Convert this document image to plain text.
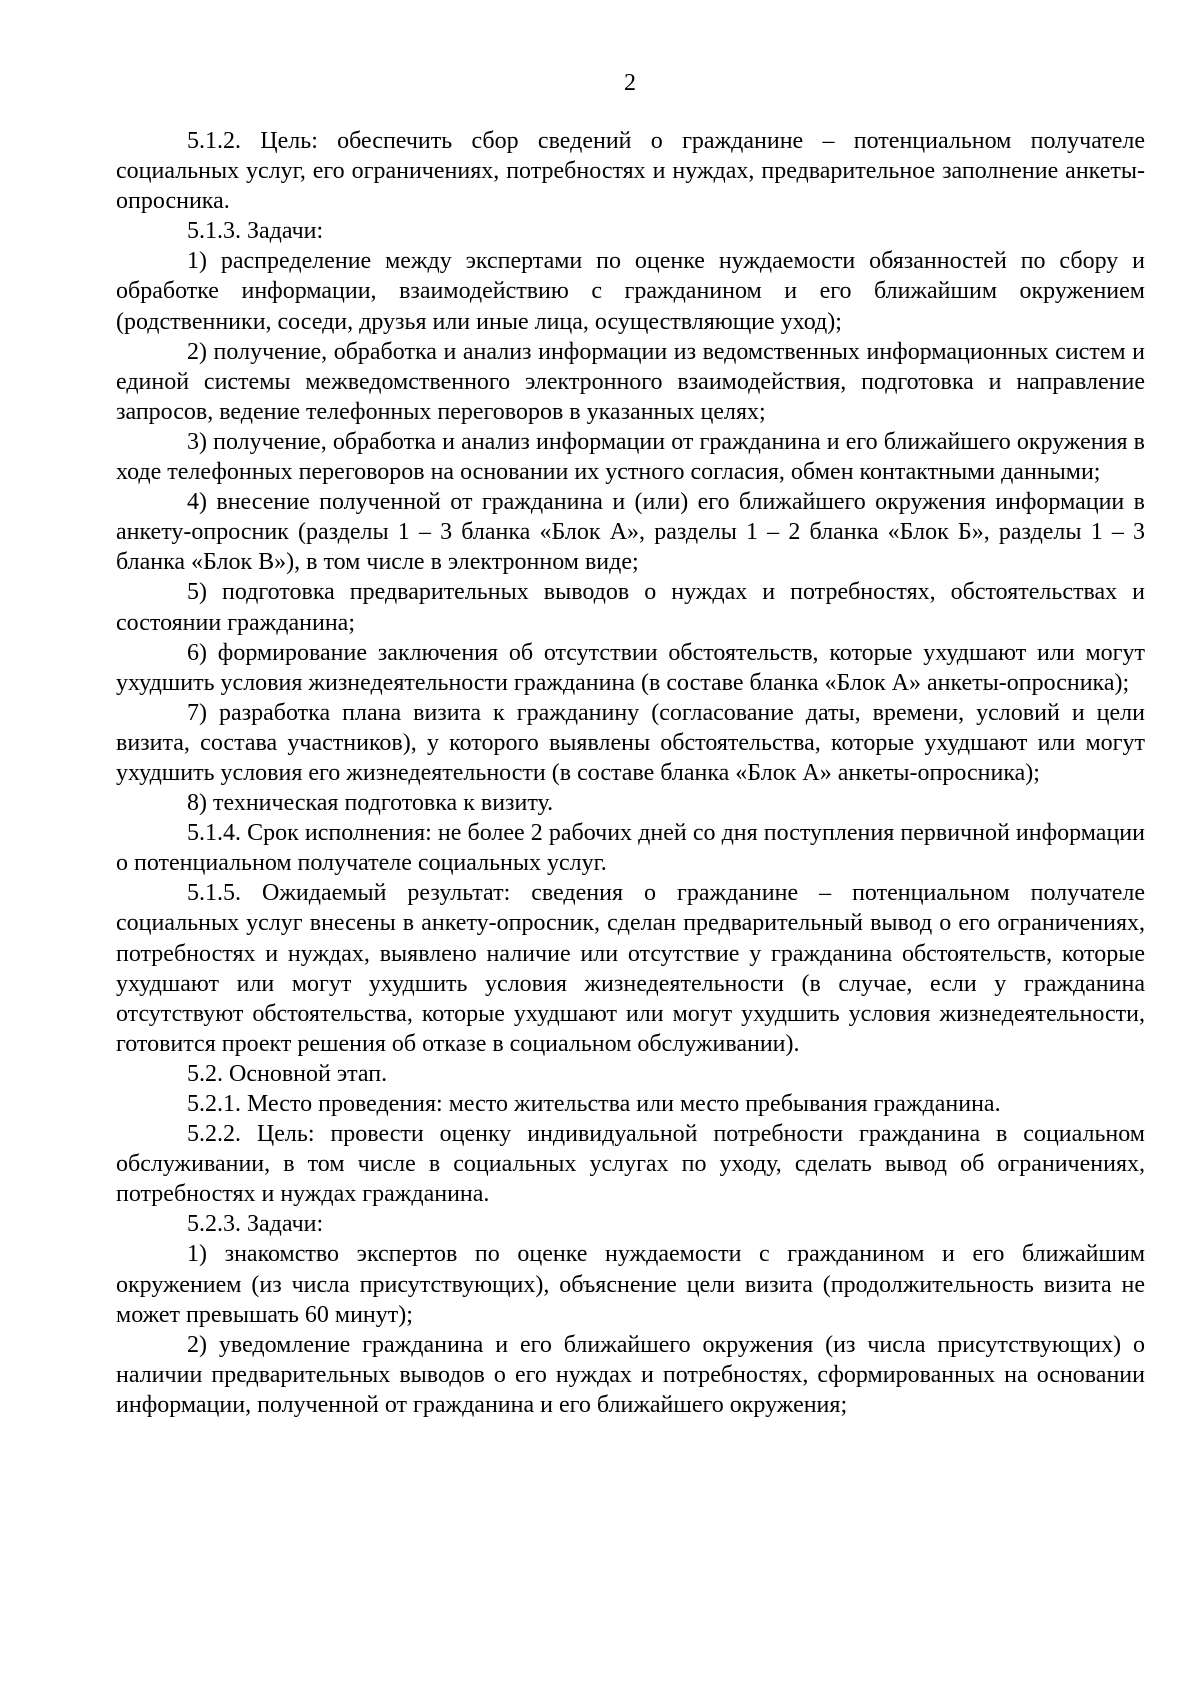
2

5.1.2. Цель: обеспечить сбор сведений о гражданине – потенциальном получателе социальных услуг, его ограничениях, потребностях и нуждах, предварительное заполнение анкеты-опросника.

5.1.3. Задачи:

1) распределение между экспертами по оценке нуждаемости обязанностей по сбору и обработке информации, взаимодействию с гражданином и его ближайшим окружением (родственники, соседи, друзья или иные лица, осуществляющие уход);

2) получение, обработка и анализ информации из ведомственных информационных систем и единой системы межведомственного электронного взаимодействия, подготовка и направление запросов, ведение телефонных переговоров в указанных целях;

3) получение, обработка и анализ информации от гражданина и его ближайшего окружения в ходе телефонных переговоров на основании их устного согласия, обмен контактными данными;

4) внесение полученной от гражданина и (или) его ближайшего окружения информации в анкету-опросник (разделы 1 – 3 бланка «Блок А», разделы 1 – 2 бланка «Блок Б», разделы 1 – 3 бланка «Блок В»), в том числе в электронном виде;

5) подготовка предварительных выводов о нуждах и потребностях, обстоятельствах и состоянии гражданина;

6) формирование заключения об отсутствии обстоятельств, которые ухудшают или могут ухудшить условия жизнедеятельности гражданина (в составе бланка «Блок А» анкеты-опросника);

7) разработка плана визита к гражданину (согласование даты, времени, условий и цели визита, состава участников), у которого выявлены обстоятельства, которые ухудшают или могут ухудшить условия его жизнедеятельности (в составе бланка «Блок А» анкеты-опросника);

8) техническая подготовка к визиту.

5.1.4. Срок исполнения: не более 2 рабочих дней со дня поступления первичной информации о потенциальном получателе социальных услуг.

5.1.5. Ожидаемый результат: сведения о гражданине – потенциальном получателе социальных услуг внесены в анкету-опросник, сделан предварительный вывод о его ограничениях, потребностях и нуждах, выявлено наличие или отсутствие у гражданина обстоятельств, которые ухудшают или могут ухудшить условия жизнедеятельности (в случае, если у гражданина отсутствуют обстоятельства, которые ухудшают или могут ухудшить условия жизнедеятельности, готовится проект решения об отказе в социальном обслуживании).

5.2. Основной этап.

5.2.1. Место проведения: место жительства или место пребывания гражданина.

5.2.2. Цель: провести оценку индивидуальной потребности гражданина в социальном обслуживании, в том числе в социальных услугах по уходу, сделать вывод об ограничениях, потребностях и нуждах гражданина.

5.2.3. Задачи:

1) знакомство экспертов по оценке нуждаемости с гражданином и его ближайшим окружением (из числа присутствующих), объяснение цели визита (продолжительность визита не может превышать 60 минут);

2) уведомление гражданина и его ближайшего окружения (из числа присутствующих) о наличии предварительных выводов о его нуждах и потребностях, сформированных на основании информации, полученной от гражданина и его ближайшего окружения;
